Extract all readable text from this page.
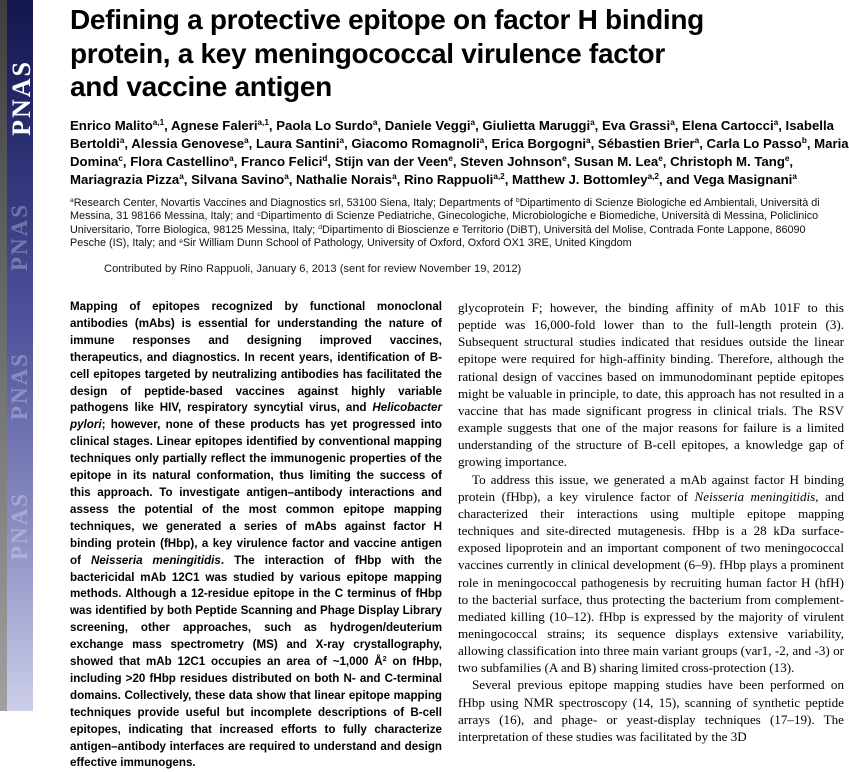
PNAS
PNAS
PNAS
PNAS
Defining a protective epitope on factor H binding
protein, a key meningococcal virulence factor
and vaccine antigen

Enrico Malito$^{a,1}$, Agnese Faleri$^{a,1}$, Paola Lo Surdo$^a$, Daniele Veggi$^a$, Giulietta Maruggi$^a$, Eva Grassi$^a$, Elena Cartocci$^a$, Isabella Bertoldi$^a$, Alessia Genovese$^a$, Laura Santini$^a$, Giacomo Romagnoli$^a$, Erica Borgogni$^a$, Sébastien Brier$^a$, Carla Lo Passo$^b$, Maria Domina$^c$, Flora Castellino$^a$, Franco Felici$^d$, Stijn van der Veen$^e$, Steven Johnson$^e$, Susan M. Lea$^e$, Christoph M. Tang$^e$, Mariagrazia Pizza$^a$, Silvana Savino$^a$, Nathalie Norais$^a$, Rino Rappuoli$^{a,2}$, Matthew J. Bottomley$^{a,2}$, and Vega Masignani$^a$

$^a$Research Center, Novartis Vaccines and Diagnostics srl, 53100 Siena, Italy; Departments of $^b$Dipartimento di Scienze Biologiche ed Ambientali, Università di Messina, 31 98166 Messina, Italy; and $^c$Dipartimento di Scienze Pediatriche, Ginecologiche, Microbiologiche e Biomediche, Università di Messina, Policlinico Universitario, Torre Biologica, 98125 Messina, Italy; $^d$Dipartimento di Bioscienze e Territorio (DiBT), Università del Molise, Contrada Fonte Lappone, 86090 Pesche (IS), Italy; and $^e$Sir William Dunn School of Pathology, University of Oxford, Oxford OX1 3RE, United Kingdom

Contributed by Rino Rappuoli, January 6, 2013 (sent for review November 19, 2012)

Mapping of epitopes recognized by functional monoclonal antibodies (mAbs) is essential for understanding the nature of immune responses and designing improved vaccines, therapeutics, and diagnostics. In recent years, identification of B-cell epitopes targeted by neutralizing antibodies has facilitated the design of peptide-based vaccines against highly variable pathogens like HIV, respiratory syncytial virus, and Helicobacter pylori; however, none of these products has yet progressed into clinical stages. Linear epitopes identified by conventional mapping techniques only partially reflect the immunogenic properties of the epitope in its natural conformation, thus limiting the success of this approach. To investigate antigen–antibody interactions and assess the potential of the most common epitope mapping techniques, we generated a series of mAbs against factor H binding protein (fHbp), a key virulence factor and vaccine antigen of Neisseria meningitidis. The interaction of fHbp with the bactericidal mAb 12C1 was studied by various epitope mapping methods. Although a 12-residue epitope in the C terminus of fHbp was identified by both Peptide Scanning and Phage Display Library screening, other approaches, such as hydrogen/deuterium exchange mass spectrometry (MS) and X-ray crystallography, showed that mAb 12C1 occupies an area of ~1,000 $Å^2$ on fHbp, including >20 fHbp residues distributed on both N- and C-terminal domains. Collectively, these data show that linear epitope mapping techniques provide useful but incomplete descriptions of B-cell epitopes, indicating that increased efforts to fully characterize antigen–antibody interfaces are required to understand and design effective immunogens.

glycoprotein F; however, the binding affinity of mAb 101F to this peptide was 16,000-fold lower than to the full-length protein (3). Subsequent structural studies indicated that residues outside the linear epitope were required for high-affinity binding. Therefore, although the rational design of vaccines based on immunodominant peptide epitopes might be valuable in principle, to date, this approach has not resulted in a vaccine that has made significant progress in clinical trials. The RSV example suggests that one of the major reasons for failure is a limited understanding of the structure of B-cell epitopes, a knowledge gap of growing importance.

To address this issue, we generated a mAb against factor H binding protein (fHbp), a key virulence factor of Neisseria meningitidis, and characterized their interactions using multiple epitope mapping techniques and site-directed mutagenesis. fHbp is a 28 kDa surface-exposed lipoprotein and an important component of two meningococcal vaccines currently in clinical development (6–9). fHbp plays a prominent role in meningococcal pathogenesis by recruiting human factor H (hfH) to the bacterial surface, thus protecting the bacterium from complement-mediated killing (10–12). fHbp is expressed by the majority of virulent meningococcal strains; its sequence displays extensive variability, allowing classification into three main variant groups (var1, -2, and -3) or two subfamilies (A and B) sharing limited cross-protection (13).

Several previous epitope mapping studies have been performed on fHbp using NMR spectroscopy (14, 15), scanning of synthetic peptide arrays (16), and phage- or yeast-display techniques (17–19). The interpretation of these studies was facilitated by the 3D
